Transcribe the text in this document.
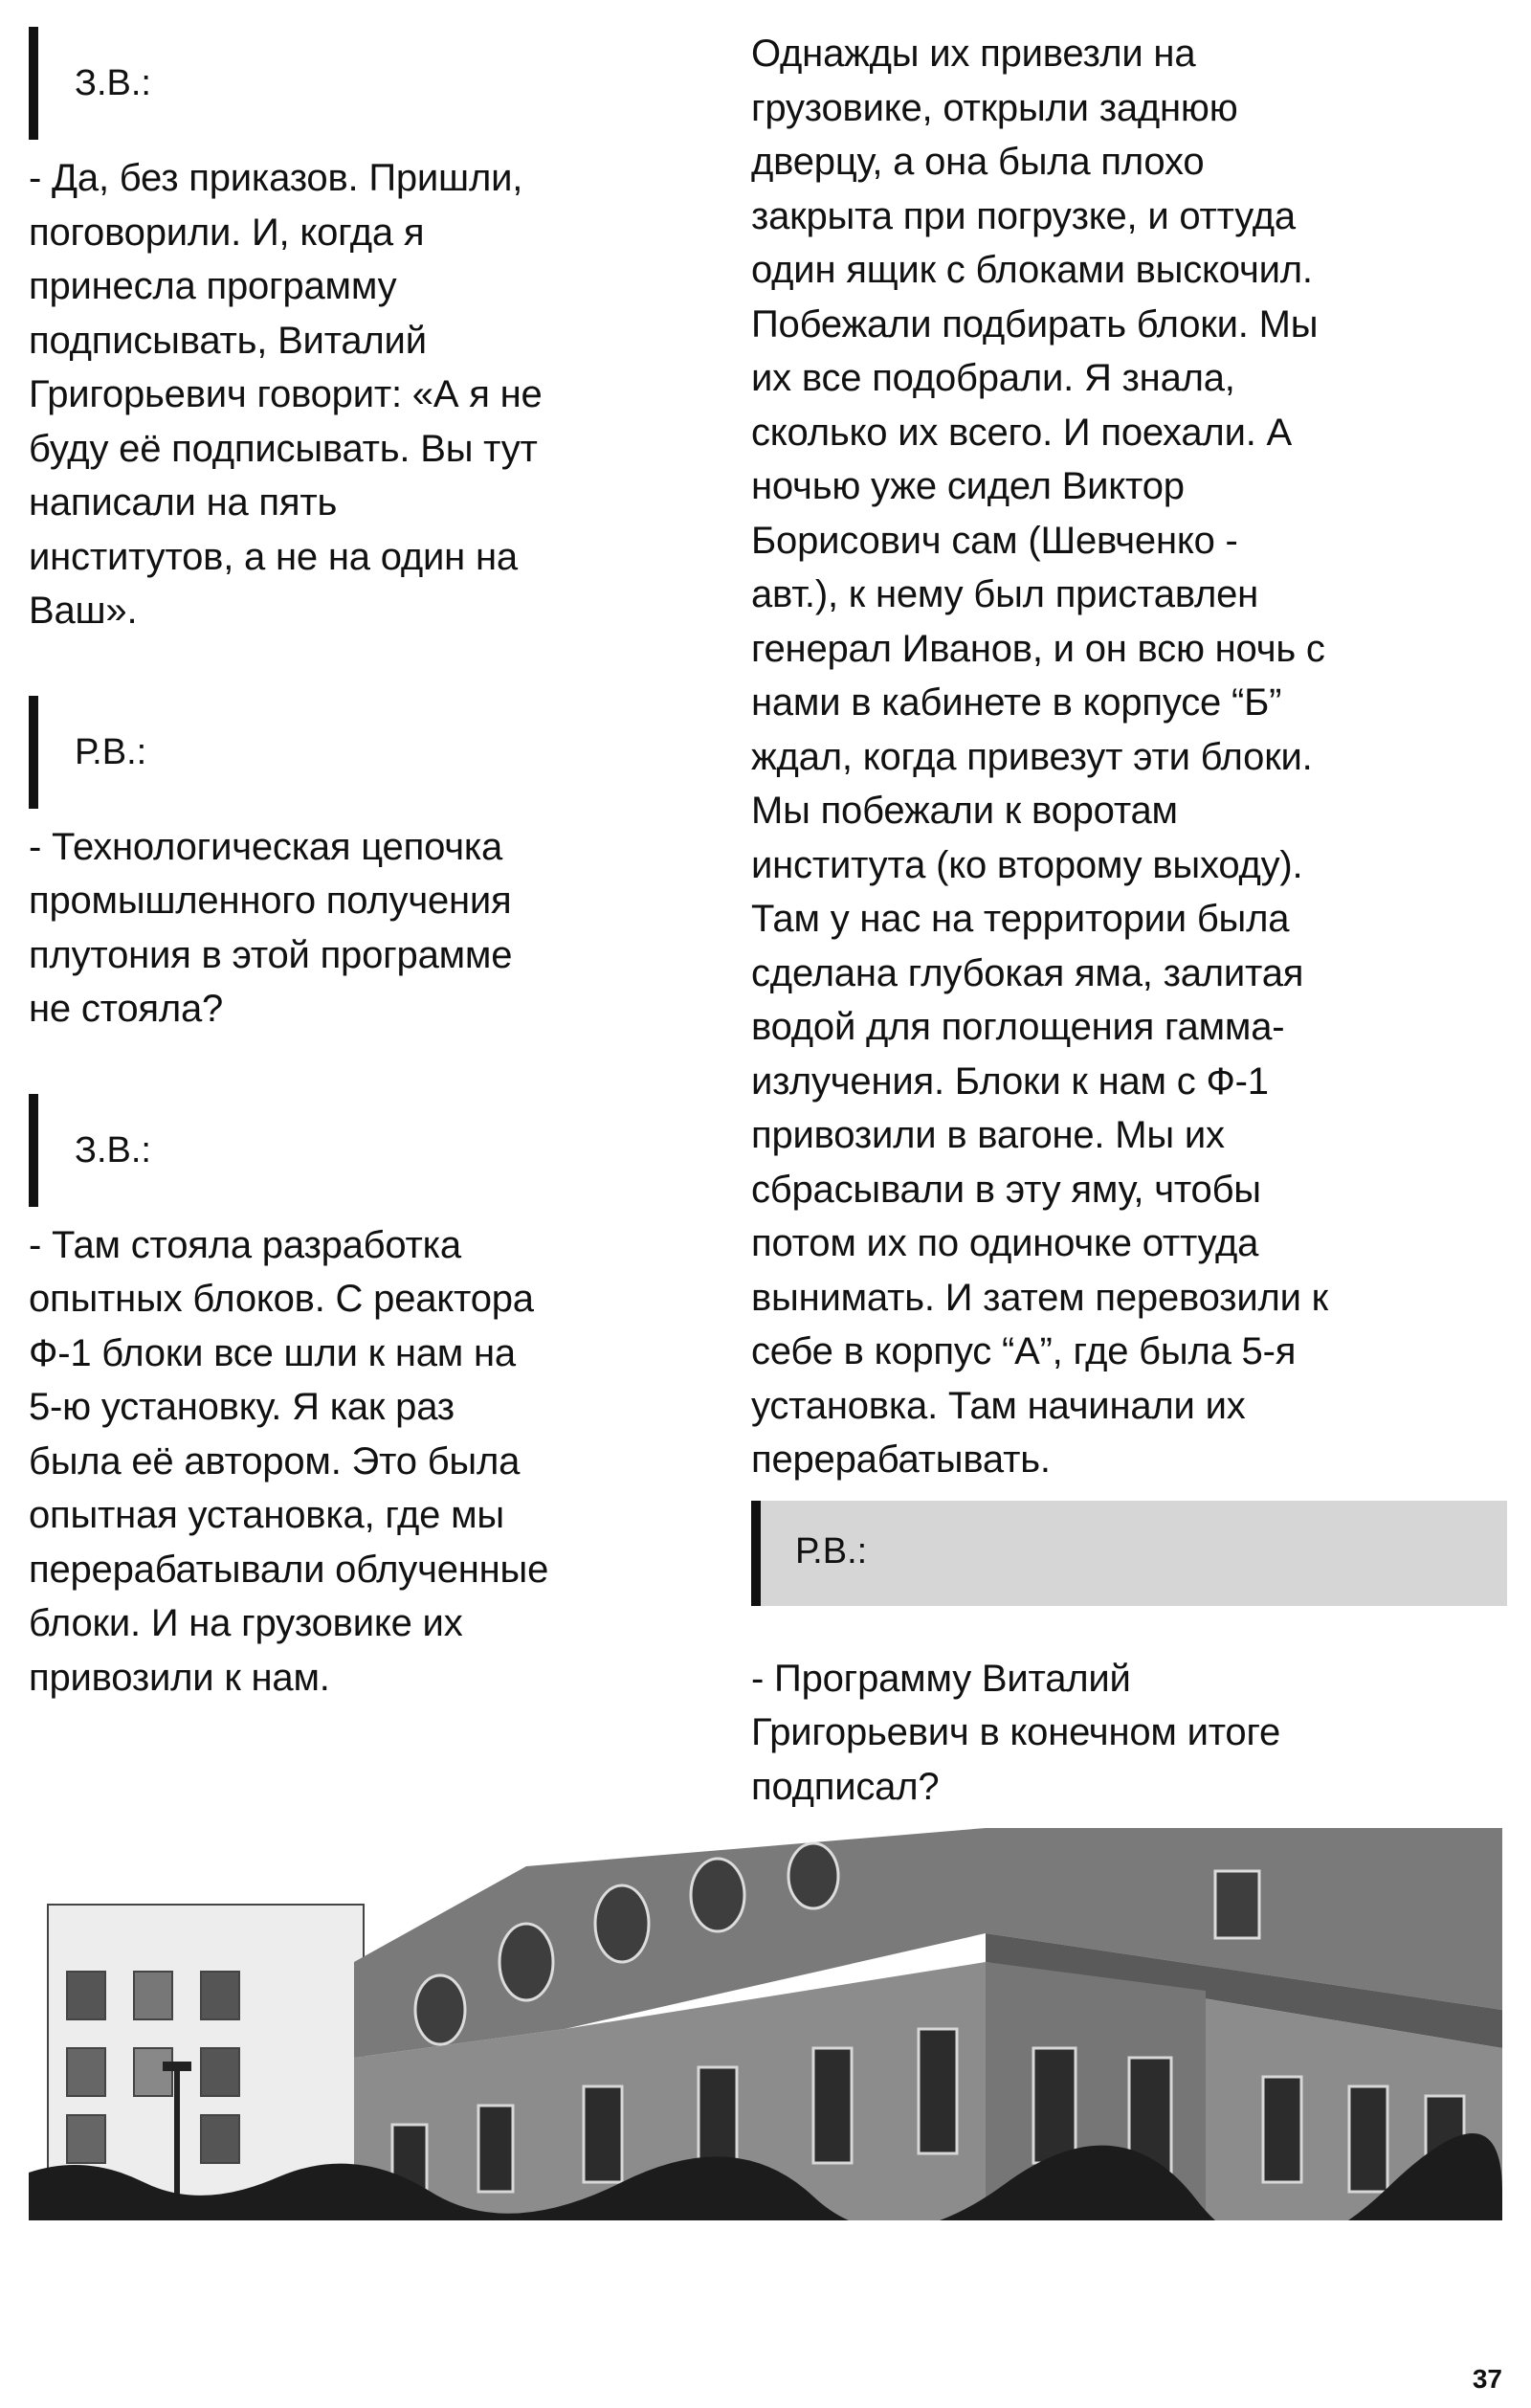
З.В.:

- Да, без приказов. Пришли,
поговорили. И, когда я
принесла программу
подписывать, Виталий
Григорьевич говорит: «А я не
буду её подписывать. Вы тут
написали на пять
институтов, а не на один на
Ваш».

Р.В.:

- Технологическая цепочка
промышленного получения
плутония в этой программе
не стояла?

З.В.:

- Там стояла разработка
опытных блоков. С реактора
Ф-1 блоки все шли к нам на
5-ю установку. Я как раз
была её автором. Это была
опытная установка, где мы
перерабатывали облученные
блоки. И на грузовике их
привозили к нам.

Однажды их привезли на
грузовике, открыли заднюю
дверцу, а она была плохо
закрыта при погрузке, и оттуда
один ящик с блоками выскочил.
Побежали подбирать блоки. Мы
их все подобрали. Я знала,
сколько их всего. И поехали. А
ночью уже сидел Виктор
Борисович сам (Шевченко -
авт.), к нему был приставлен
генерал Иванов, и он всю ночь с
нами в кабинете в корпусе “Б”
ждал, когда привезут эти блоки.
Мы побежали к воротам
института (ко второму выходу).
Там у нас на территории была
сделана глубокая яма, залитая
водой для поглощения гамма-
излучения. Блоки к нам с Ф-1
привозили в вагоне. Мы их
сбрасывали в эту яму, чтобы
потом их по одиночке оттуда
вынимать. И затем перевозили к
себе в корпус “А”, где была 5-я
установка. Там начинали их
перерабатывать.

Р.В.:

- Программу Виталий
Григорьевич в конечном итоге
подписал?

37
